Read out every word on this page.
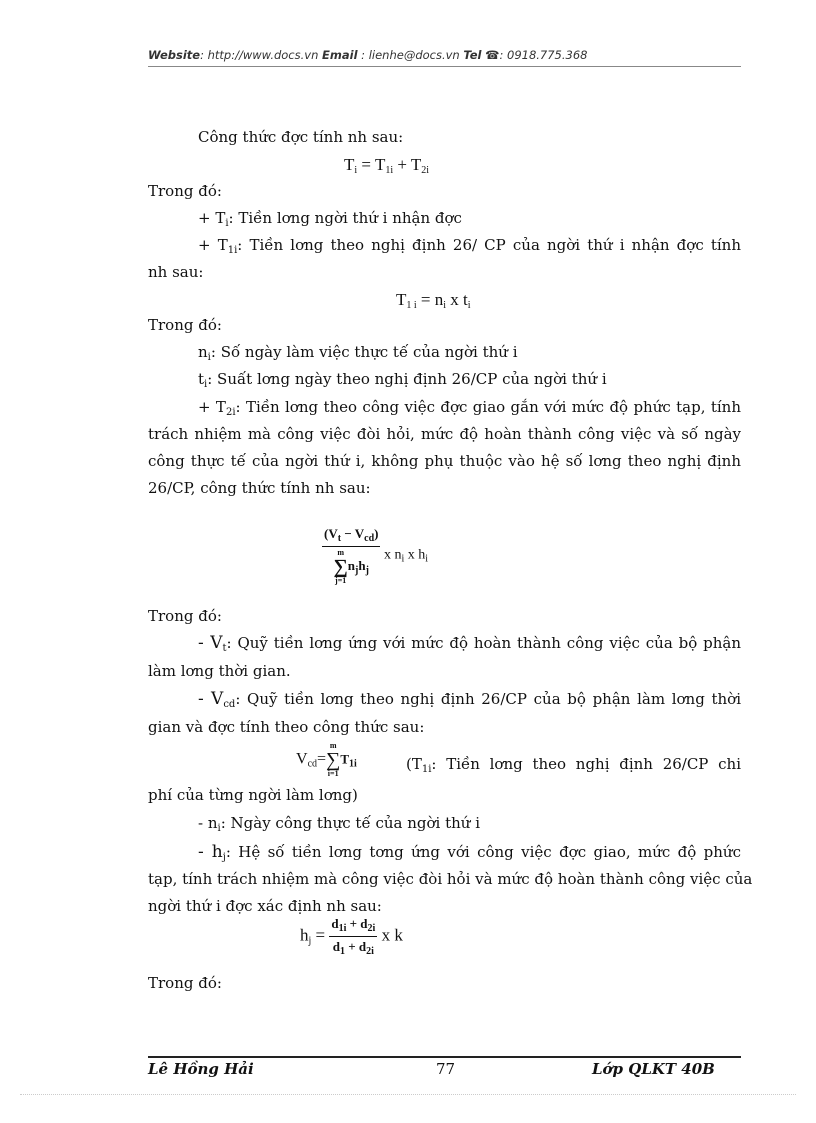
Website: http://www.docs.vn Email : lienhe@docs.vn Tel ☎: 0918.775.368
Công thức đợc tính nh sau:
$T_i = T_{1i} + T_{2i}$
Trong đó:
+ $T_i$: Tiền lơng ngời thứ i nhận đợc
+ $T_{1i}$: Tiền lơng theo nghị định 26/ CP của ngời thứ i nhận đợc tính
nh sau:
$T_{1 i} = n_i$ x $t_i$
Trong đó:
$n_i$: Số ngày làm việc thực tế của ngời thứ i
$t_i$: Suất lơng ngày theo nghị định 26/CP của ngời thứ i
+ $T_{2i}$: Tiền lơng theo công việc đợc giao gắn với mức độ phức tạp, tính
trách nhiệm mà công việc đòi hỏi, mức độ hoàn thành công việc và số ngày
công thực tế của ngời thứ i, không phụ thuộc vào hệ số lơng theo nghị định
26/CP, công thức tính nh sau:
$(V_t - V_{cd})$
m
∑
j=1
$n_jh_j$ x $n_i$ x $h_i$
Trong đó:
- $V_t$: Quỹ tiền lơng ứng với mức độ hoàn thành công việc của bộ phận
làm lơng thời gian.
- $V_{cd}$: Quỹ tiền lơng theo nghị định 26/CP của bộ phận làm lơng thời
gian và đợc tính theo công thức sau:
$V_{cd}=$
m
∑
i=1
$T_{1i}$	($T_{1i}$: Tiền lơng theo nghị định 26/CP chi
phí của từng ngời làm lơng)
- $n_i$: Ngày công thực tế của ngời thứ i
- $h_j$: Hệ số tiền lơng tơng ứng với công việc đợc giao, mức độ phức
tạp, tính trách nhiệm mà công việc đòi hỏi và mức độ hoàn thành công việc của
ngời thứ i đợc xác định nh sau:
$h_j = \frac{d_{1i} + d_{2i}}{d_1 + d_{2i}}$ x k
Trong đó:
Lê Hồng Hải	77	Lớp QLKT 40B
